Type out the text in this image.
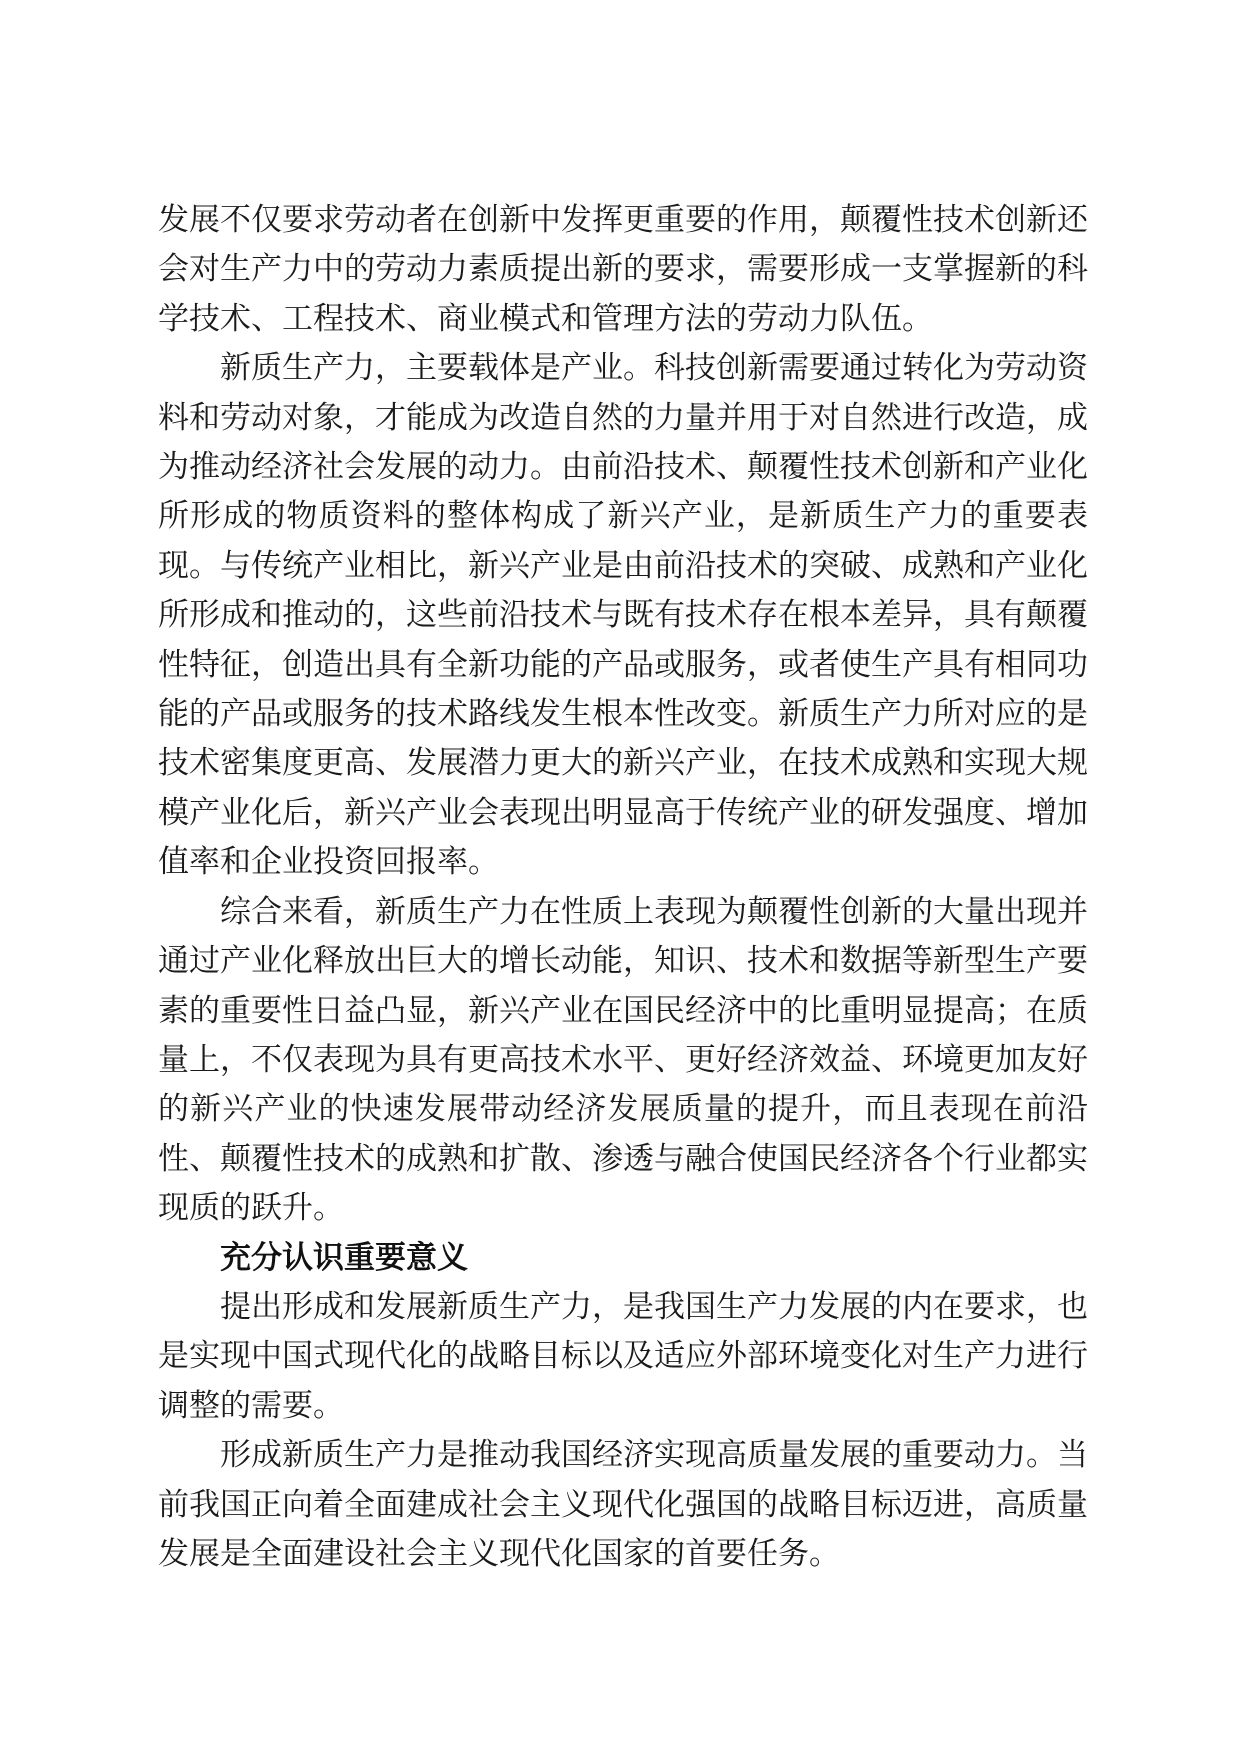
发展不仅要求劳动者在创新中发挥更重要的作用，颠覆性技术创新还会对生产力中的劳动力素质提出新的要求，需要形成一支掌握新的科学技术、工程技术、商业模式和管理方法的劳动力队伍。

新质生产力，主要载体是产业。科技创新需要通过转化为劳动资料和劳动对象，才能成为改造自然的力量并用于对自然进行改造，成为推动经济社会发展的动力。由前沿技术、颠覆性技术创新和产业化所形成的物质资料的整体构成了新兴产业，是新质生产力的重要表现。与传统产业相比，新兴产业是由前沿技术的突破、成熟和产业化所形成和推动的，这些前沿技术与既有技术存在根本差异，具有颠覆性特征，创造出具有全新功能的产品或服务，或者使生产具有相同功能的产品或服务的技术路线发生根本性改变。新质生产力所对应的是技术密集度更高、发展潜力更大的新兴产业，在技术成熟和实现大规模产业化后，新兴产业会表现出明显高于传统产业的研发强度、增加值率和企业投资回报率。

综合来看，新质生产力在性质上表现为颠覆性创新的大量出现并通过产业化释放出巨大的增长动能，知识、技术和数据等新型生产要素的重要性日益凸显，新兴产业在国民经济中的比重明显提高；在质量上，不仅表现为具有更高技术水平、更好经济效益、环境更加友好的新兴产业的快速发展带动经济发展质量的提升，而且表现在前沿性、颠覆性技术的成熟和扩散、渗透与融合使国民经济各个行业都实现质的跃升。

充分认识重要意义

提出形成和发展新质生产力，是我国生产力发展的内在要求，也是实现中国式现代化的战略目标以及适应外部环境变化对生产力进行调整的需要。

形成新质生产力是推动我国经济实现高质量发展的重要动力。当前我国正向着全面建成社会主义现代化强国的战略目标迈进，高质量发展是全面建设社会主义现代化国家的首要任务。
